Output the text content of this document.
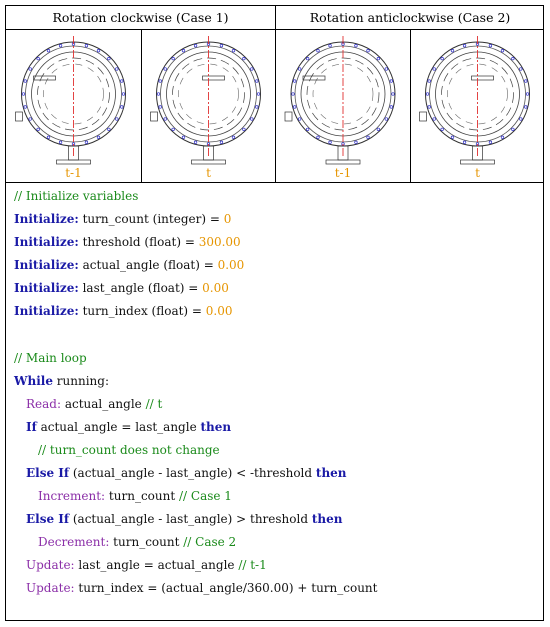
Rotation clockwise (Case 1)	Rotation anticlockwise (Case 2)
t-1	t	t-1	t
// Initialize variables
Initialize: turn_count (integer) = 0
Initialize: threshold (float) = 300.00
Initialize: actual_angle (float) = 0.00
Initialize: last_angle (float) = 0.00
Initialize: turn_index (float) = 0.00
// Main loop
While running:
Read: actual_angle // t
If actual_angle = last_angle then
// turn_count does not change
Else If (actual_angle - last_angle) < -threshold then
Increment: turn_count // Case 1
Else If (actual_angle - last_angle) > threshold then
Decrement: turn_count // Case 2
Update: last_angle = actual_angle // t-1
Update: turn_index = (actual_angle/360.00) + turn_count
